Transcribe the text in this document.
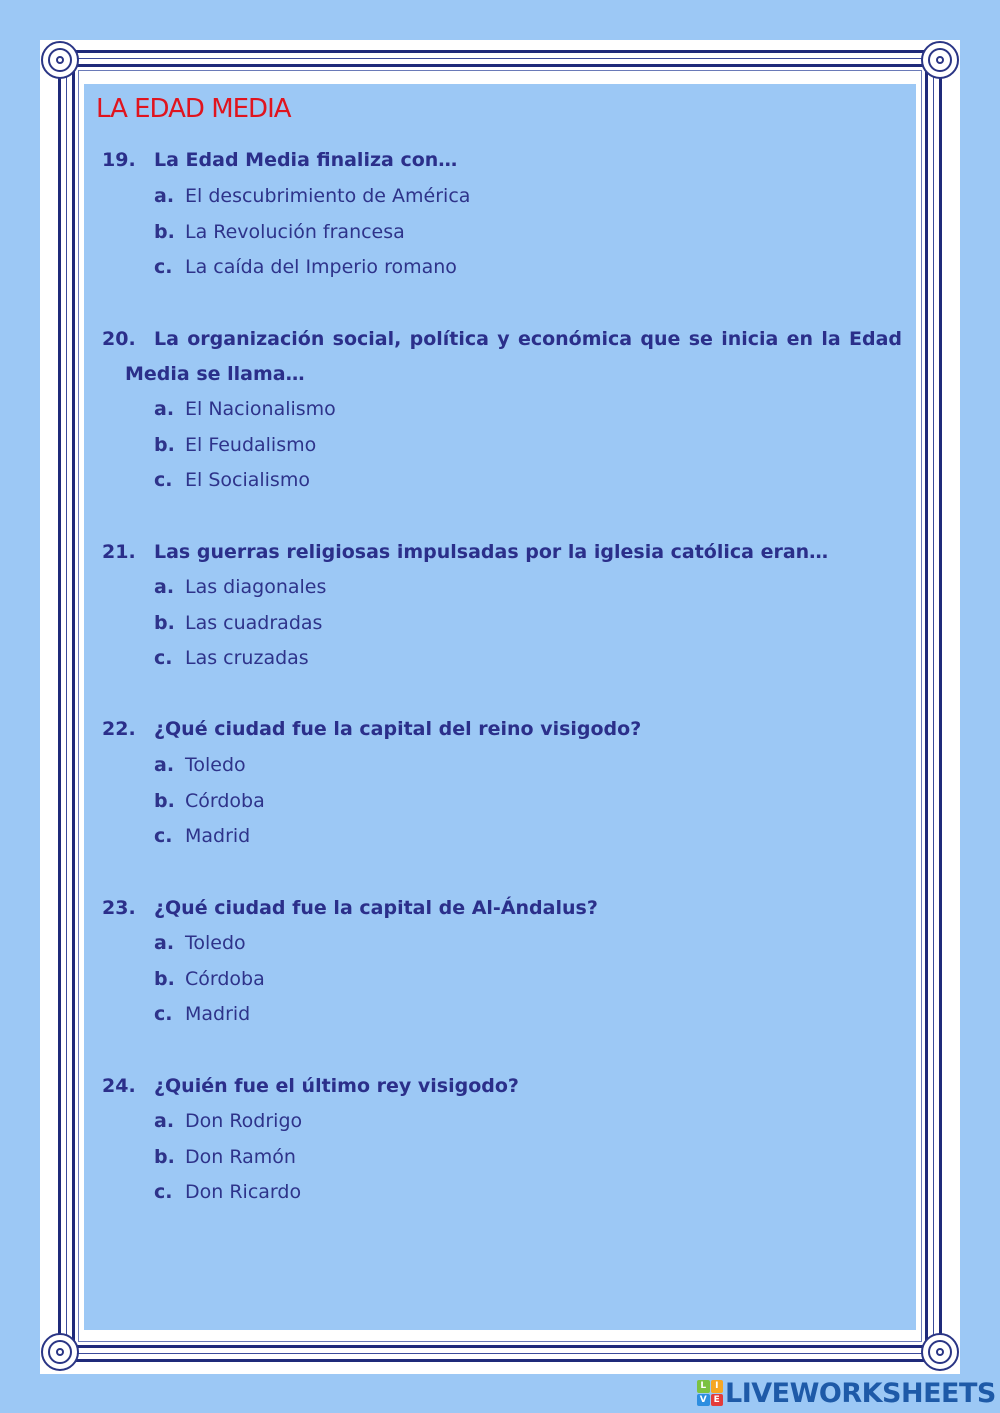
LA EDAD MEDIA
19. La Edad Media finaliza con…
a. El descubrimiento de América
b. La Revolución francesa
c. La caída del Imperio romano
20. La organización social, política y económica que se inicia en la Edad
Media se llama…
a. El Nacionalismo
b. El Feudalismo
c. El Socialismo
21. Las guerras religiosas impulsadas por la iglesia católica eran…
a. Las diagonales
b. Las cuadradas
c. Las cruzadas
22. ¿Qué ciudad fue la capital del reino visigodo?
a. Toledo
b. Córdoba
c. Madrid
23. ¿Qué ciudad fue la capital de Al-Ándalus?
a. Toledo
b. Córdoba
c. Madrid
24. ¿Quién fue el último rey visigodo?
a. Don Rodrigo
b. Don Ramón
c. Don Ricardo
L I
V E LIVEWORKSHEETS
